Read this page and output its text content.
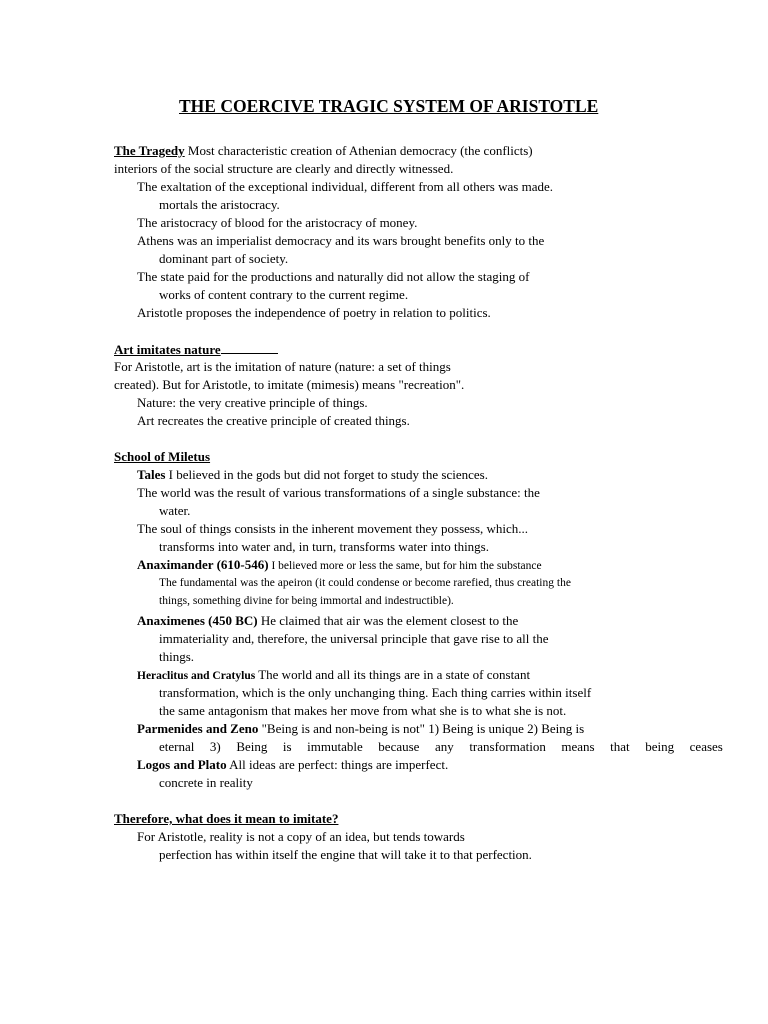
THE COERCIVE TRAGIC SYSTEM OF ARISTOTLE
The Tragedy Most characteristic creation of Athenian democracy (the conflicts)
interiors of the social structure are clearly and directly witnessed.
The exaltation of the exceptional individual, different from all others was made.
mortals the aristocracy.
The aristocracy of blood for the aristocracy of money.
Athens was an imperialist democracy and its wars brought benefits only to the
dominant part of society.
The state paid for the productions and naturally did not allow the staging of
works of content contrary to the current regime.
Aristotle proposes the independence of poetry in relation to politics.
Art imitates nature
For Aristotle, art is the imitation of nature (nature: a set of things
created). But for Aristotle, to imitate (mimesis) means "recreation".
Nature: the very creative principle of things.
Art recreates the creative principle of created things.
School of Miletus
Tales I believed in the gods but did not forget to study the sciences.
The world was the result of various transformations of a single substance: the
water.
The soul of things consists in the inherent movement they possess, which...
transforms into water and, in turn, transforms water into things.
Anaximander (610-546) I believed more or less the same, but for him the substance
The fundamental was the apeiron (it could condense or become rarefied, thus creating the
things, something divine for being immortal and indestructible).
Anaximenes (450 BC) He claimed that air was the element closest to the
immateriality and, therefore, the universal principle that gave rise to all the
things.
Heraclitus and Cratylus The world and all its things are in a state of constant
transformation, which is the only unchanging thing. Each thing carries within itself
the same antagonism that makes her move from what she is to what she is not.
Parmenides and Zeno "Being is and non-being is not" 1) Being is unique 2) Being is
eternal 3) Being is immutable because any transformation means that being ceases
Logos and Plato All ideas are perfect: things are imperfect.
concrete in reality
Therefore, what does it mean to imitate?
For Aristotle, reality is not a copy of an idea, but tends towards
perfection has within itself the engine that will take it to that perfection.
